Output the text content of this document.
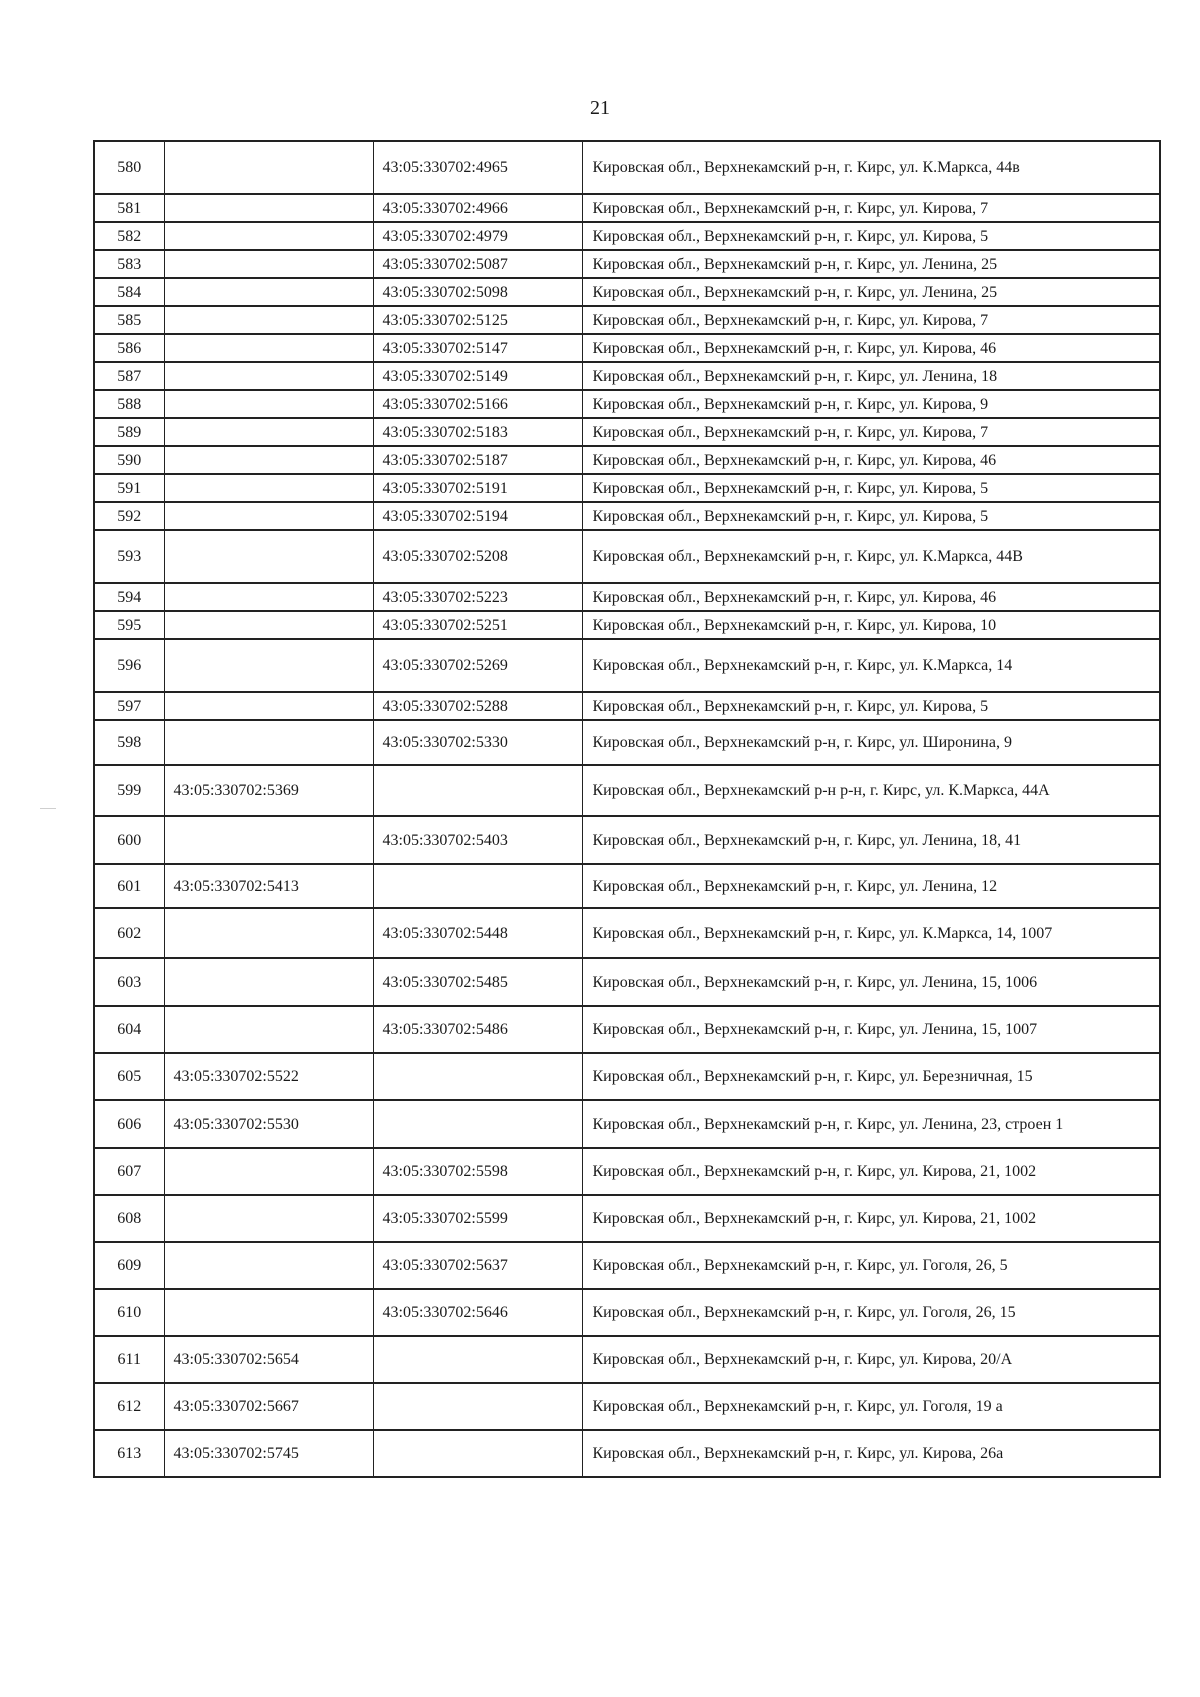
21
580		43:05:330702:4965	Кировская обл., Верхнекамский р-н, г. Кирс, ул. К.Маркса, 44в
581		43:05:330702:4966	Кировская обл., Верхнекамский р-н, г. Кирс, ул. Кирова, 7
582		43:05:330702:4979	Кировская обл., Верхнекамский р-н, г. Кирс, ул. Кирова, 5
583		43:05:330702:5087	Кировская обл., Верхнекамский р-н, г. Кирс, ул. Ленина, 25
584		43:05:330702:5098	Кировская обл., Верхнекамский р-н, г. Кирс, ул. Ленина, 25
585		43:05:330702:5125	Кировская обл., Верхнекамский р-н, г. Кирс, ул. Кирова, 7
586		43:05:330702:5147	Кировская обл., Верхнекамский р-н, г. Кирс, ул. Кирова, 46
587		43:05:330702:5149	Кировская обл., Верхнекамский р-н, г. Кирс, ул. Ленина, 18
588		43:05:330702:5166	Кировская обл., Верхнекамский р-н, г. Кирс, ул. Кирова, 9
589		43:05:330702:5183	Кировская обл., Верхнекамский р-н, г. Кирс, ул. Кирова, 7
590		43:05:330702:5187	Кировская обл., Верхнекамский р-н, г. Кирс, ул. Кирова, 46
591		43:05:330702:5191	Кировская обл., Верхнекамский р-н, г. Кирс, ул. Кирова, 5
592		43:05:330702:5194	Кировская обл., Верхнекамский р-н, г. Кирс, ул. Кирова, 5
593		43:05:330702:5208	Кировская обл., Верхнекамский р-н, г. Кирс, ул. К.Маркса, 44В
594		43:05:330702:5223	Кировская обл., Верхнекамский р-н, г. Кирс, ул. Кирова, 46
595		43:05:330702:5251	Кировская обл., Верхнекамский р-н, г. Кирс, ул. Кирова, 10
596		43:05:330702:5269	Кировская обл., Верхнекамский р-н, г. Кирс, ул. К.Маркса, 14
597		43:05:330702:5288	Кировская обл., Верхнекамский р-н, г. Кирс, ул. Кирова, 5
598		43:05:330702:5330	Кировская обл., Верхнекамский р-н, г. Кирс, ул. Широнина, 9
599	43:05:330702:5369		Кировская обл., Верхнекамский р-н р-н, г. Кирс, ул. К.Маркса, 44А
600		43:05:330702:5403	Кировская обл., Верхнекамский р-н, г. Кирс, ул. Ленина, 18, 41
601	43:05:330702:5413		Кировская обл., Верхнекамский р-н, г. Кирс, ул. Ленина, 12
602		43:05:330702:5448	Кировская обл., Верхнекамский р-н, г. Кирс, ул. К.Маркса, 14, 1007
603		43:05:330702:5485	Кировская обл., Верхнекамский р-н, г. Кирс, ул. Ленина, 15, 1006
604		43:05:330702:5486	Кировская обл., Верхнекамский р-н, г. Кирс, ул. Ленина, 15, 1007
605	43:05:330702:5522		Кировская обл., Верхнекамский р-н, г. Кирс, ул. Березничная, 15
606	43:05:330702:5530		Кировская обл., Верхнекамский р-н, г. Кирс, ул. Ленина, 23, строен 1
607		43:05:330702:5598	Кировская обл., Верхнекамский р-н, г. Кирс, ул. Кирова, 21, 1002
608		43:05:330702:5599	Кировская обл., Верхнекамский р-н, г. Кирс, ул. Кирова, 21, 1002
609		43:05:330702:5637	Кировская обл., Верхнекамский р-н, г. Кирс, ул. Гоголя, 26, 5
610		43:05:330702:5646	Кировская обл., Верхнекамский р-н, г. Кирс, ул. Гоголя, 26, 15
611	43:05:330702:5654		Кировская обл., Верхнекамский р-н, г. Кирс, ул. Кирова, 20/А
612	43:05:330702:5667		Кировская обл., Верхнекамский р-н, г. Кирс, ул. Гоголя, 19 а
613	43:05:330702:5745		Кировская обл., Верхнекамский р-н, г. Кирс, ул. Кирова, 26а
